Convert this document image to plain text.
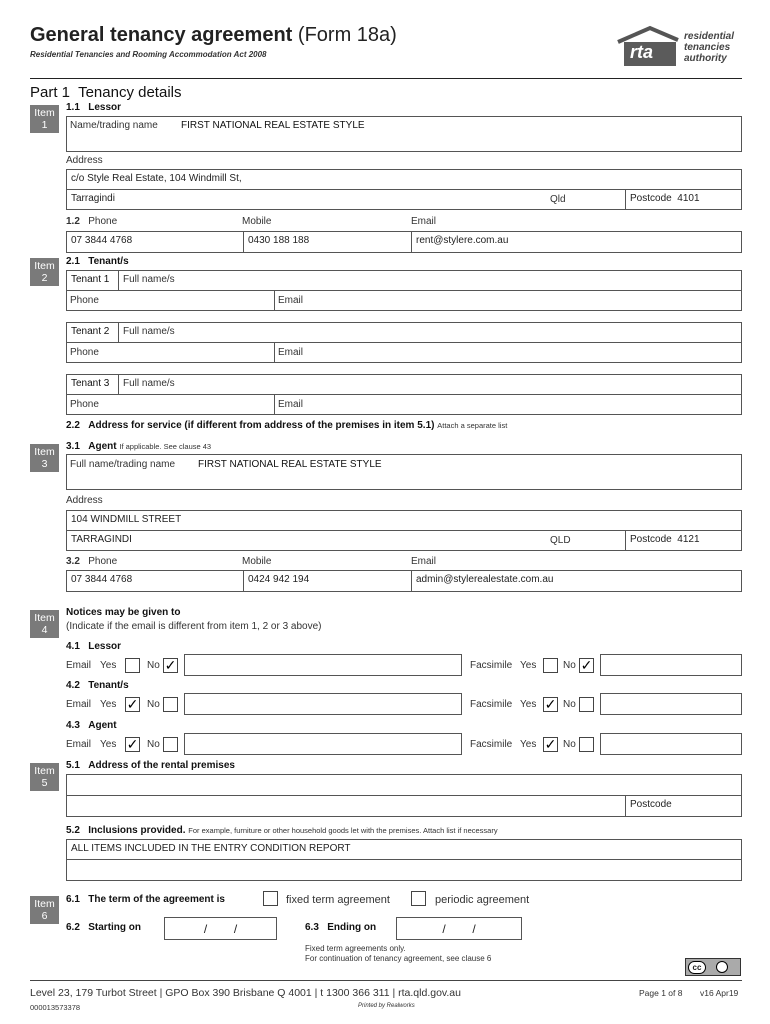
General tenancy agreement (Form 18a)
Residential Tenancies and Rooming Accommodation Act 2008	rta
residential
tenancies
authority
Part 1  Tenancy details
Item
1
1.1 Lessor
Name/trading name FIRST NATIONAL REAL ESTATE STYLE
Address
c/o Style Real Estate, 104 Windmill St,
Tarragindi	Qld	Postcode 4101
1.2 Phone	Mobile	Email
07 3844 4768	0430 188 188	rent@stylere.com.au
Item
2
2.1 Tenant/s
Tenant 1	Full name/s
Phone	Email
Tenant 2	Full name/s
Phone	Email
Tenant 3	Full name/s
Phone	Email
2.2 Address for service (if different from address of the premises in item 5.1) Attach a separate list
Item
3
3.1 Agent If applicable. See clause 43
Full name/trading name FIRST NATIONAL REAL ESTATE STYLE
Address
104 WINDMILL STREET
TARRAGINDI	QLD	Postcode 4121
3.2 Phone	Mobile	Email
07 3844 4768	0424 942 194	admin@stylerealestate.com.au
Item
4
Notices may be given to
(Indicate if the email is different from item 1, 2 or 3 above)
4.1 Lessor
Email Yes	No ✓	Facsimile Yes	No ✓
4.2 Tenant/s
Email Yes ✓ No	Facsimile Yes ✓ No
4.3 Agent
Email Yes ✓ No	Facsimile Yes ✓ No
Item
5
5.1 Address of the rental premises
Postcode
5.2 Inclusions provided. For example, furniture or other household goods let with the premises. Attach list if necessary
ALL ITEMS INCLUDED IN THE ENTRY CONDITION REPORT
Item
6
6.1 The term of the agreement is	fixed term agreement	periodic agreement
6.2 Starting on	/        /	6.3 Ending on	/        /
Fixed term agreements only.
For continuation of tenancy agreement, see clause 6
cc
Level 23, 179 Turbot Street | GPO Box 390 Brisbane Q 4001 | t 1300 366 311 | rta.qld.gov.au	Page 1 of 8 v16 Apr19
000013573378	Printed by Realworks
